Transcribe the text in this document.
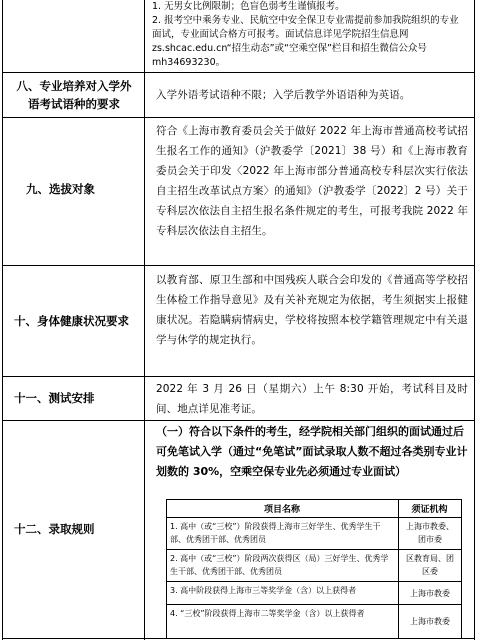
1. 无男女比例限制；色盲色弱考生谨慎报考。
2. 报考空中乘务专业、民航空中安全保卫专业需提前参加我院组织的专业面试，专业面试合格方可报考。面试信息详见学院招生信息网 zs.shcac.edu.cn“招生动态”或“空乘空保”栏目和招生微信公众号 mh34693230。
八、专业培养对入学外
语考试语种的要求
入学外语考试语种不限；入学后教学外语语种为英语。
九、选拔对象
符合《上海市教育委员会关于做好 2022 年上海市普通高校考试招生报名工作的通知》（沪教委学〔2021〕38 号）和《上海市教育委员会关于印发〈2022 年上海市部分普通高校专科层次实行依法自主招生改革试点方案〉的通知》（沪教委学〔2022〕2 号）关于专科层次依法自主招生报名条件规定的考生，可报考我院 2022 年专科层次依法自主招生。
十、身体健康状况要求
以教育部、原卫生部和中国残疾人联合会印发的《普通高等学校招生体检工作指导意见》及有关补充规定为依据，考生须据实上报健康状况。若隐瞒病情病史，学校将按照本校学籍管理规定中有关退学与休学的规定执行。
十一、测试安排
2022 年 3 月 26 日（星期六）上午 8:30 开始，考试科目及时间、地点详见准考证。
十二、录取规则
（一）符合以下条件的考生，经学院相关部门组织的面试通过后可免笔试入学（通过“免笔试”面试录取人数不超过各类别专业计划数的 30%，空乘空保专业先必须通过专业面试）
项目名称	须证机构
1. 高中（或“三校”）阶段获得上海市三好学生、优秀学生干部、优秀团干部、优秀团员
上海市教委、团市委
2. 高中（或“三校”）阶段两次获得区（局）三好学生、优秀学生干部、优秀团干部、优秀团员
区教育局、团区委
3. 高中阶段获得上海市三等奖学金（含）以上获得者	上海市教委
4. “三校”阶段获得上海市二等奖学金（含）以上获得者
上海市教委
